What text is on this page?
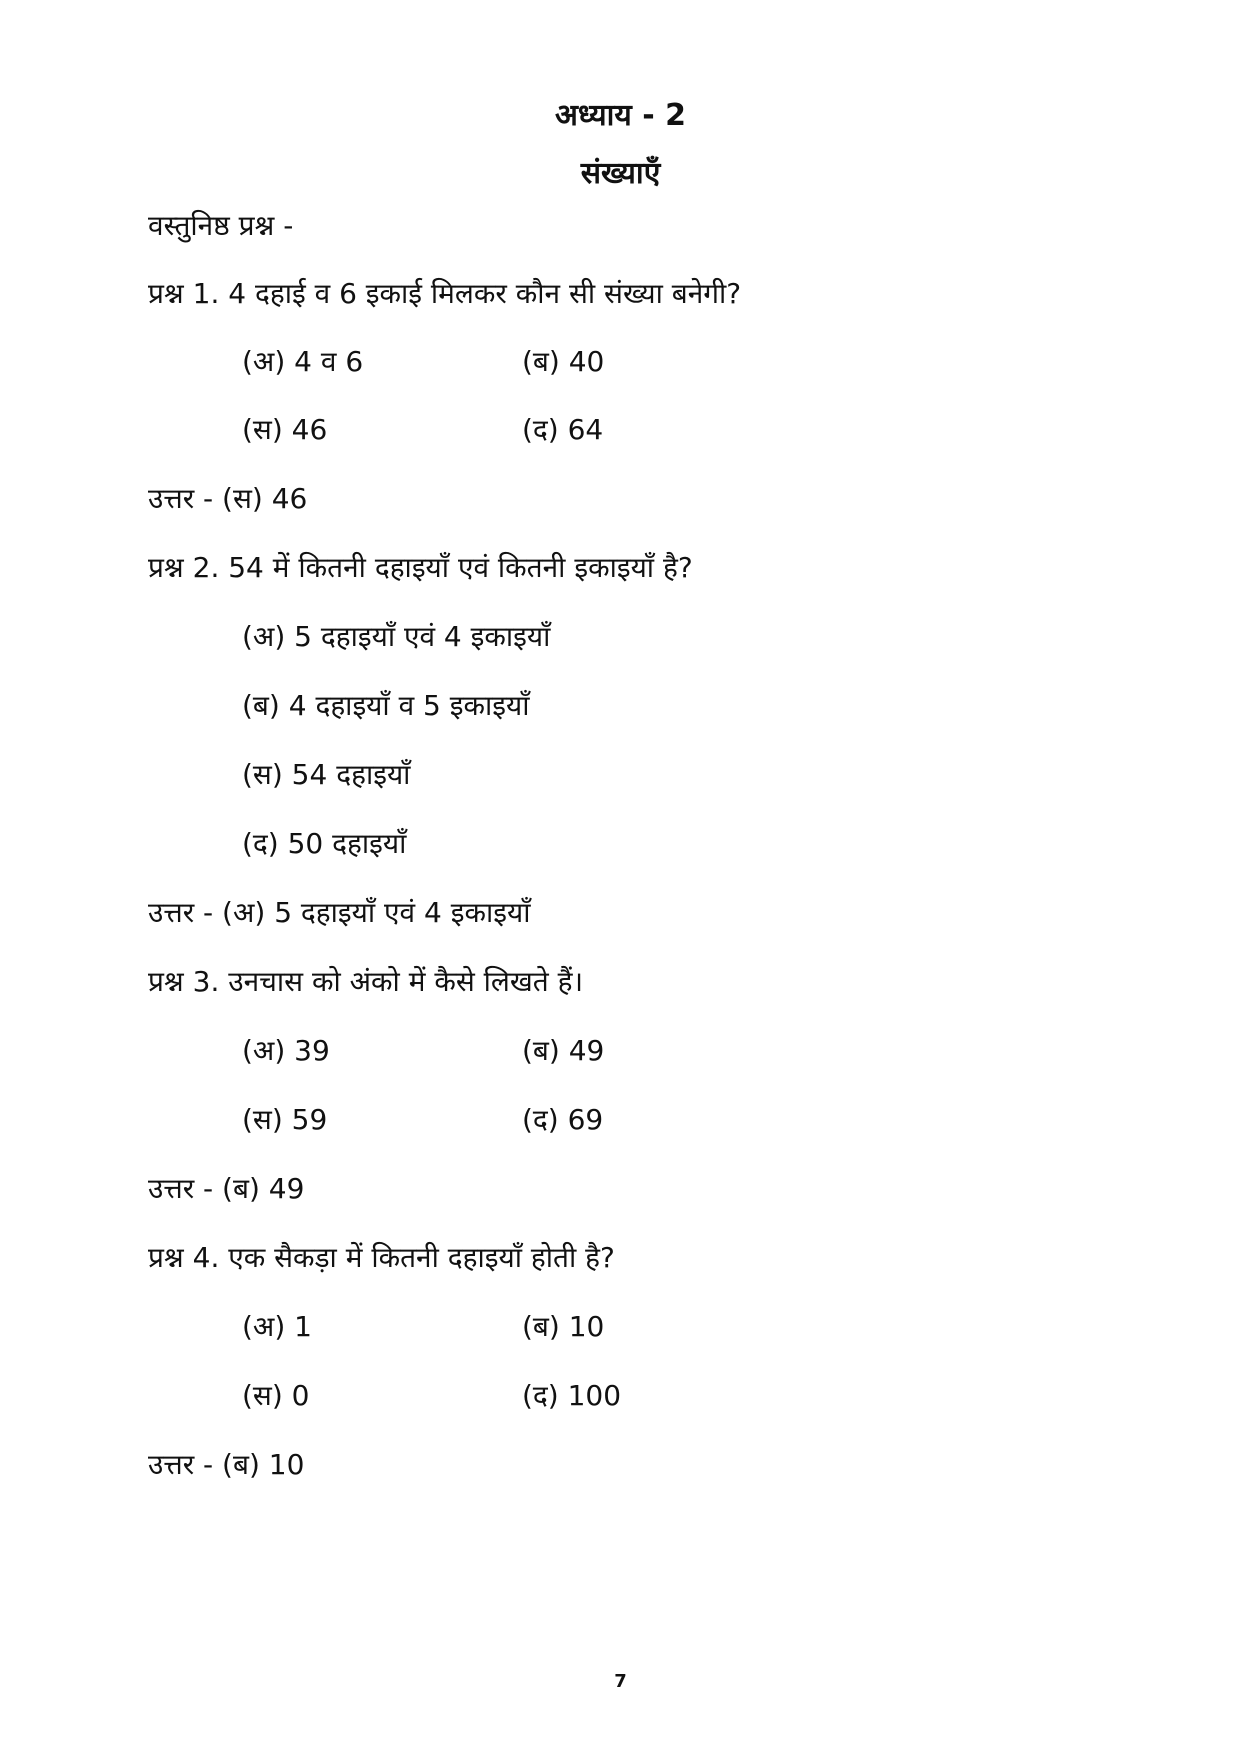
अध्याय - 2
संख्याएँ
वस्तुनिष्ठ प्रश्न -
प्रश्न 1. 4 दहाई व 6 इकाई मिलकर कौन सी संख्या बनेगी?
(अ) 4 व 6	(ब) 40
(स) 46	(द) 64
उत्तर - (स) 46
प्रश्न 2. 54 में कितनी दहाइयाँ एवं कितनी इकाइयाँ है?
(अ) 5 दहाइयाँ एवं 4 इकाइयाँ
(ब) 4 दहाइयाँ व 5 इकाइयाँ
(स) 54 दहाइयाँ
(द) 50 दहाइयाँ
उत्तर - (अ) 5 दहाइयाँ एवं 4 इकाइयाँ
प्रश्न 3. उनचास को अंको में कैसे लिखते हैं।
(अ) 39	(ब) 49
(स) 59	(द) 69
उत्तर - (ब) 49
प्रश्न 4. एक सैकड़ा में कितनी दहाइयाँ होती है?
(अ) 1	(ब) 10
(स) 0	(द) 100
उत्तर - (ब) 10
7
